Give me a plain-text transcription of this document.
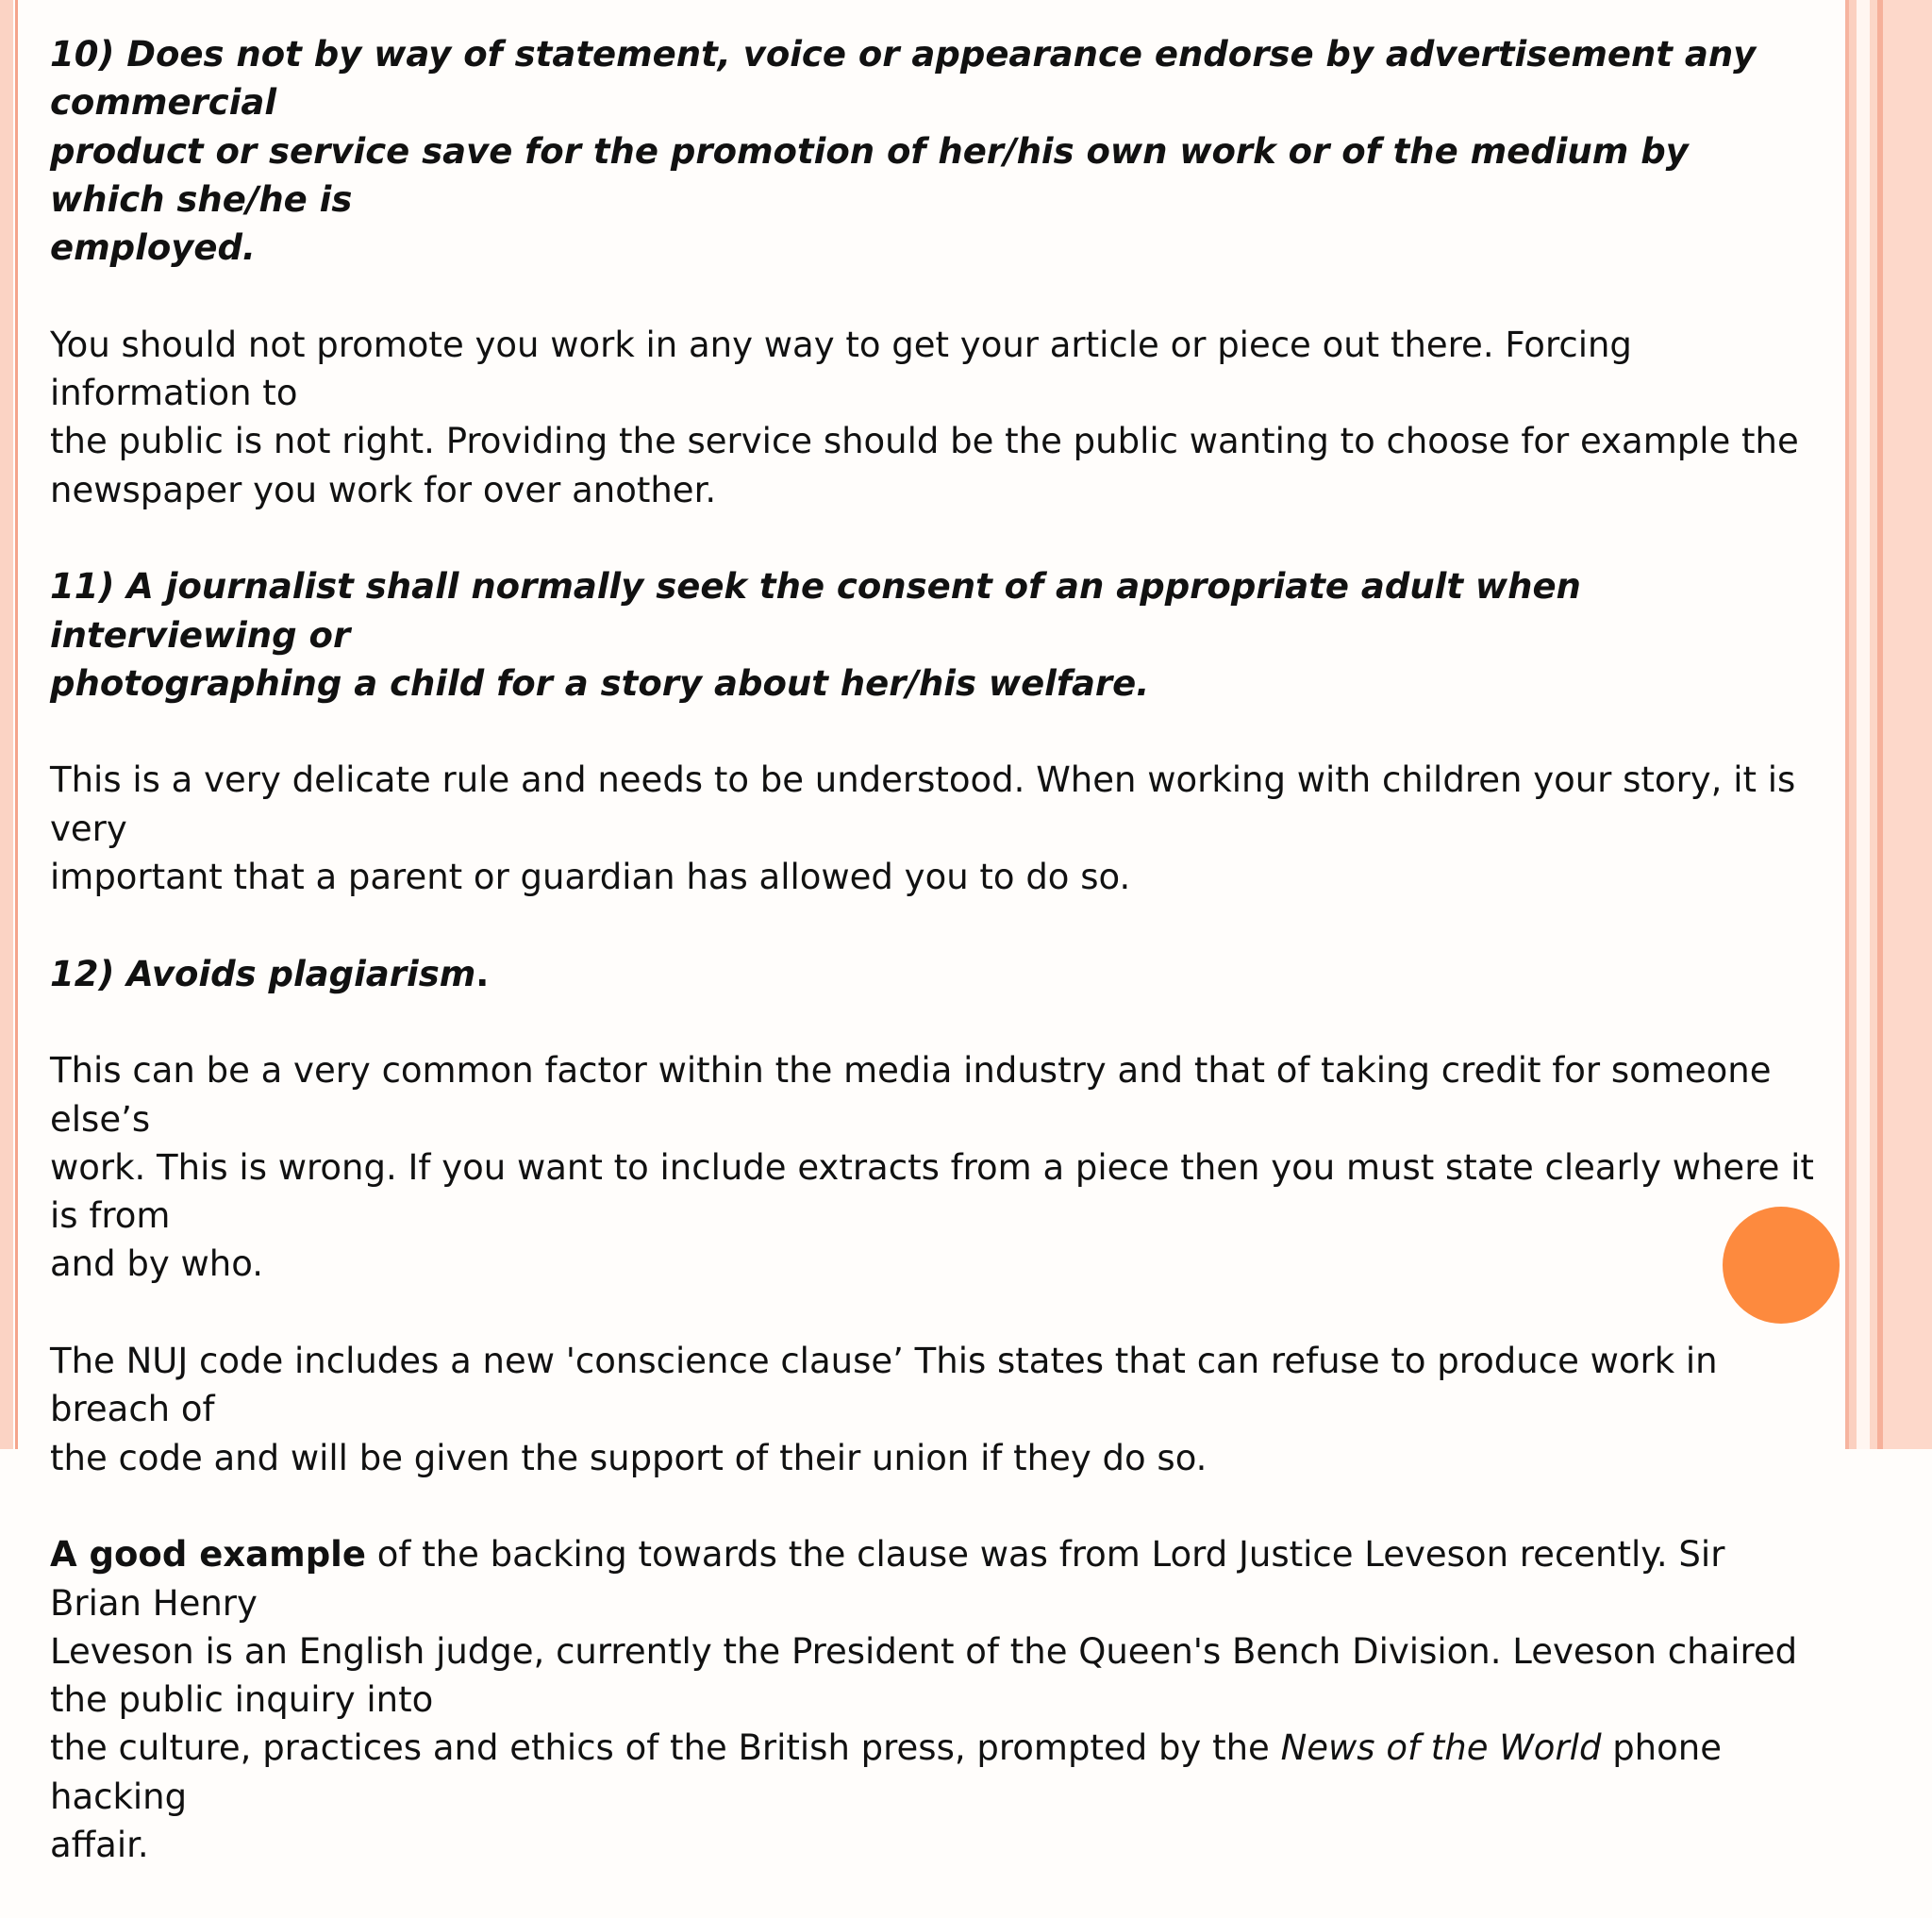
10) Does not by way of statement, voice or appearance endorse by advertisement any commercial
product or service save for the promotion of her/his own work or of the medium by which she/he is
employed.

You should not promote you work in any way to get your article or piece out there. Forcing information to
the public is not right. Providing the service should be the public wanting to choose for example the
newspaper you work for over another.

11) A journalist shall normally seek the consent of an appropriate adult when interviewing or
photographing a child for a story about her/his welfare.

This is a very delicate rule and needs to be understood. When working with children your story, it is very
important that a parent or guardian has allowed you to do so.

12) Avoids plagiarism.

This can be a very common factor within the media industry and that of taking credit for someone else’s
work. This is wrong. If you want to include extracts from a piece then you must state clearly where it is from
and by who.

The NUJ code includes a new 'conscience clause’ This states that can refuse to produce work in breach of
the code and will be given the support of their union if they do so.

A good example of the backing towards the clause was from Lord Justice Leveson recently. Sir Brian Henry
Leveson is an English judge, currently the President of the Queen's Bench Division. Leveson chaired
the public inquiry into
the culture, practices and ethics of the British press, prompted by the News of the World phone hacking
affair.
